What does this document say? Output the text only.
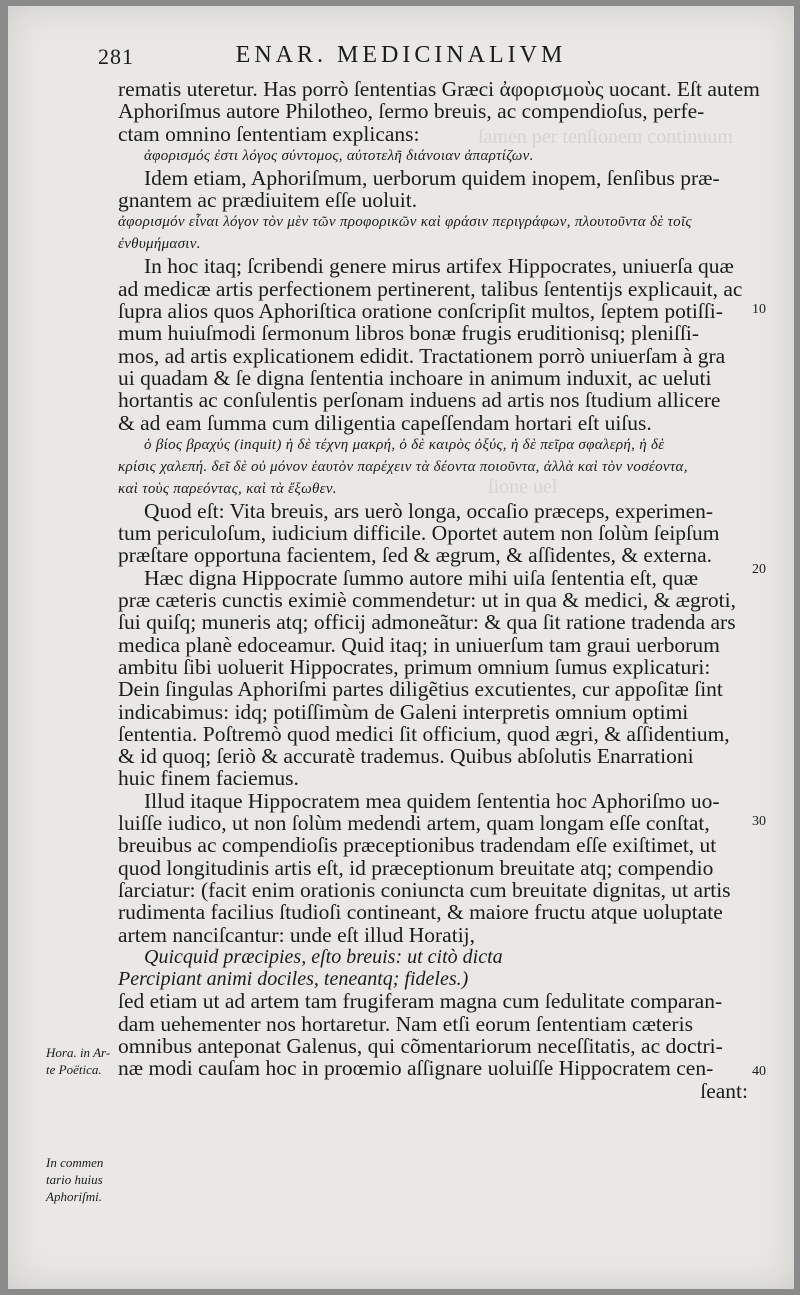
ſamen per tenſionem continuum
ſione uel
281	ENAR. MEDICINALIVM
rematis uteretur. Has porrò ſententias Græci ἀφορισμοὺς uocant. Eſt autem
Aphoriſmus autore Philotheo, ſermo breuis, ac compendioſus, perfe-
ctam omnino ſententiam explicans:
ἀφορισμός ἐστι λόγος σύντομος, αὐτοτελῆ διάνοιαν ἀπαρτίζων.
Idem etiam, Aphoriſmum, uerborum quidem inopem, ſenſibus præ-
gnantem ac prædiuitem eſſe uoluit.
ἀφορισμόν εἶναι λόγον τὸν μὲν τῶν προφορικῶν καὶ φράσιν περιγράφων, πλουτοῦντα δὲ τοῖς
ἐνθυμήμασιν.
In hoc itaq; ſcribendi genere mirus artifex Hippocrates, uniuerſa quæ
ad medicæ artis perfectionem pertinerent, talibus ſententijs explicauit, ac
ſupra alios quos Aphoriſtica oratione conſcripſit multos, ſeptem potiſſi-
mum huiuſmodi ſermonum libros bonæ frugis eruditionisq; pleniſſi-
mos, ad artis explicationem edidit. Tractationem porrò uniuerſam à gra
ui quadam & ſe digna ſententia inchoare in animum induxit, ac ueluti
hortantis ac conſulentis perſonam induens ad artis nos ſtudium allicere
& ad eam ſumma cum diligentia capeſſendam hortari eſt uiſus.
ὁ βίος βραχύς (inquit) ἡ δὲ τέχνη μακρή, ὁ δὲ καιρὸς ὀξύς, ἡ δὲ πεῖρα σφαλερή, ἡ δὲ
κρίσις χαλεπή. δεῖ δὲ οὐ μόνον ἑαυτὸν παρέχειν τὰ δέοντα ποιοῦντα, ἀλλὰ καὶ τὸν νοσέοντα,
καὶ τοὺς παρεόντας, καὶ τὰ ἔξωθεν.
Quod eſt: Vita breuis, ars uerò longa, occaſio præceps, experimen-
tum periculoſum, iudicium difficile. Oportet autem non ſolùm ſeipſum
præſtare opportuna facientem, ſed & ægrum, & aſſidentes, & externa.
Hæc digna Hippocrate ſummo autore mihi uiſa ſententia eſt, quæ
præ cæteris cunctis eximiè commendetur: ut in qua & medici, & ægroti,
ſui quiſq; muneris atq; officij admoneãtur: & qua ſit ratione tradenda ars
medica planè edoceamur. Quid itaq; in uniuerſum tam graui uerborum
ambitu ſibi uoluerit Hippocrates, primum omnium ſumus explicaturi:
Dein ſingulas Aphoriſmi partes diligẽtius excutientes, cur appoſitæ ſint
indicabimus: idq; potiſſimùm de Galeni interpretis omnium optimi
ſententia. Poſtremò quod medici ſit officium, quod ægri, & aſſidentium,
& id quoq; ſeriò & accuratè trademus. Quibus abſolutis Enarrationi
huic finem faciemus.
Illud itaque Hippocratem mea quidem ſententia hoc Aphoriſmo uo-
luiſſe iudico, ut non ſolùm medendi artem, quam longam eſſe conſtat,
breuibus ac compendioſis præceptionibus tradendam eſſe exiſtimet, ut
quod longitudinis artis eſt, id præceptionum breuitate atq; compendio
ſarciatur: (facit enim orationis coniuncta cum breuitate dignitas, ut artis
rudimenta facilius ſtudioſi contineant, & maiore fructu atque uoluptate
artem nanciſcantur: unde eſt illud Horatij,
Quicquid præcipies, eſto breuis: ut citò dicta
Percipiant animi dociles, teneantq; fideles.)
ſed etiam ut ad artem tam frugiferam magna cum ſedulitate comparan-
dam uehementer nos hortaretur. Nam etſi eorum ſententiam cæteris
omnibus anteponat Galenus, qui cõmentariorum neceſſitatis, ac doctri-
næ modi cauſam hoc in proœmio aſſignare uoluiſſe Hippocratem cen-
ſeant:
10
20
30
40
Hora. in Ar-
te Poëtica.
In commen
tario huius
Aphoriſmi.
